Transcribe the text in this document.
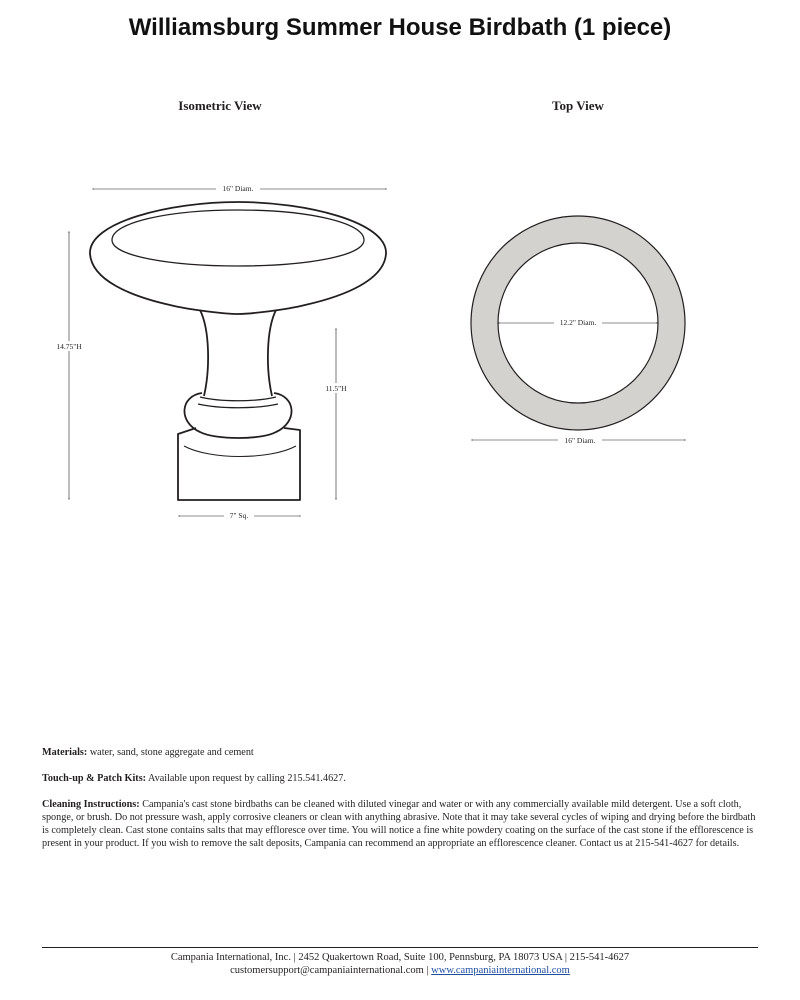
Williamsburg Summer House Birdbath (1 piece)
Isometric View	Top View
16" Diam.
14.75"H
11.5"H
7" Sq.
12.2" Diam.
16" Diam.

Materials: water, sand, stone aggregate and cement

Touch-up & Patch Kits: Available upon request by calling 215.541.4627.

Cleaning Instructions: Campania's cast stone birdbaths can be cleaned with diluted vinegar and water or with any commercially available mild detergent. Use a soft cloth, sponge, or brush. Do not pressure wash, apply corrosive cleaners or clean with anything abrasive. Note that it may take several cycles of wiping and drying before the birdbath is completely clean. Cast stone contains salts that may effloresce over time. You will notice a fine white powdery coating on the surface of the cast stone if the efflorescence is present in your product. If you wish to remove the salt deposits, Campania can recommend an appropriate an efflorescence cleaner. Contact us at 215-541-4627 for details.

Campania International, Inc. | 2452 Quakertown Road, Suite 100, Pennsburg, PA 18073 USA | 215-541-4627

customersupport@campaniainternational.com | www.campaniainternational.com
